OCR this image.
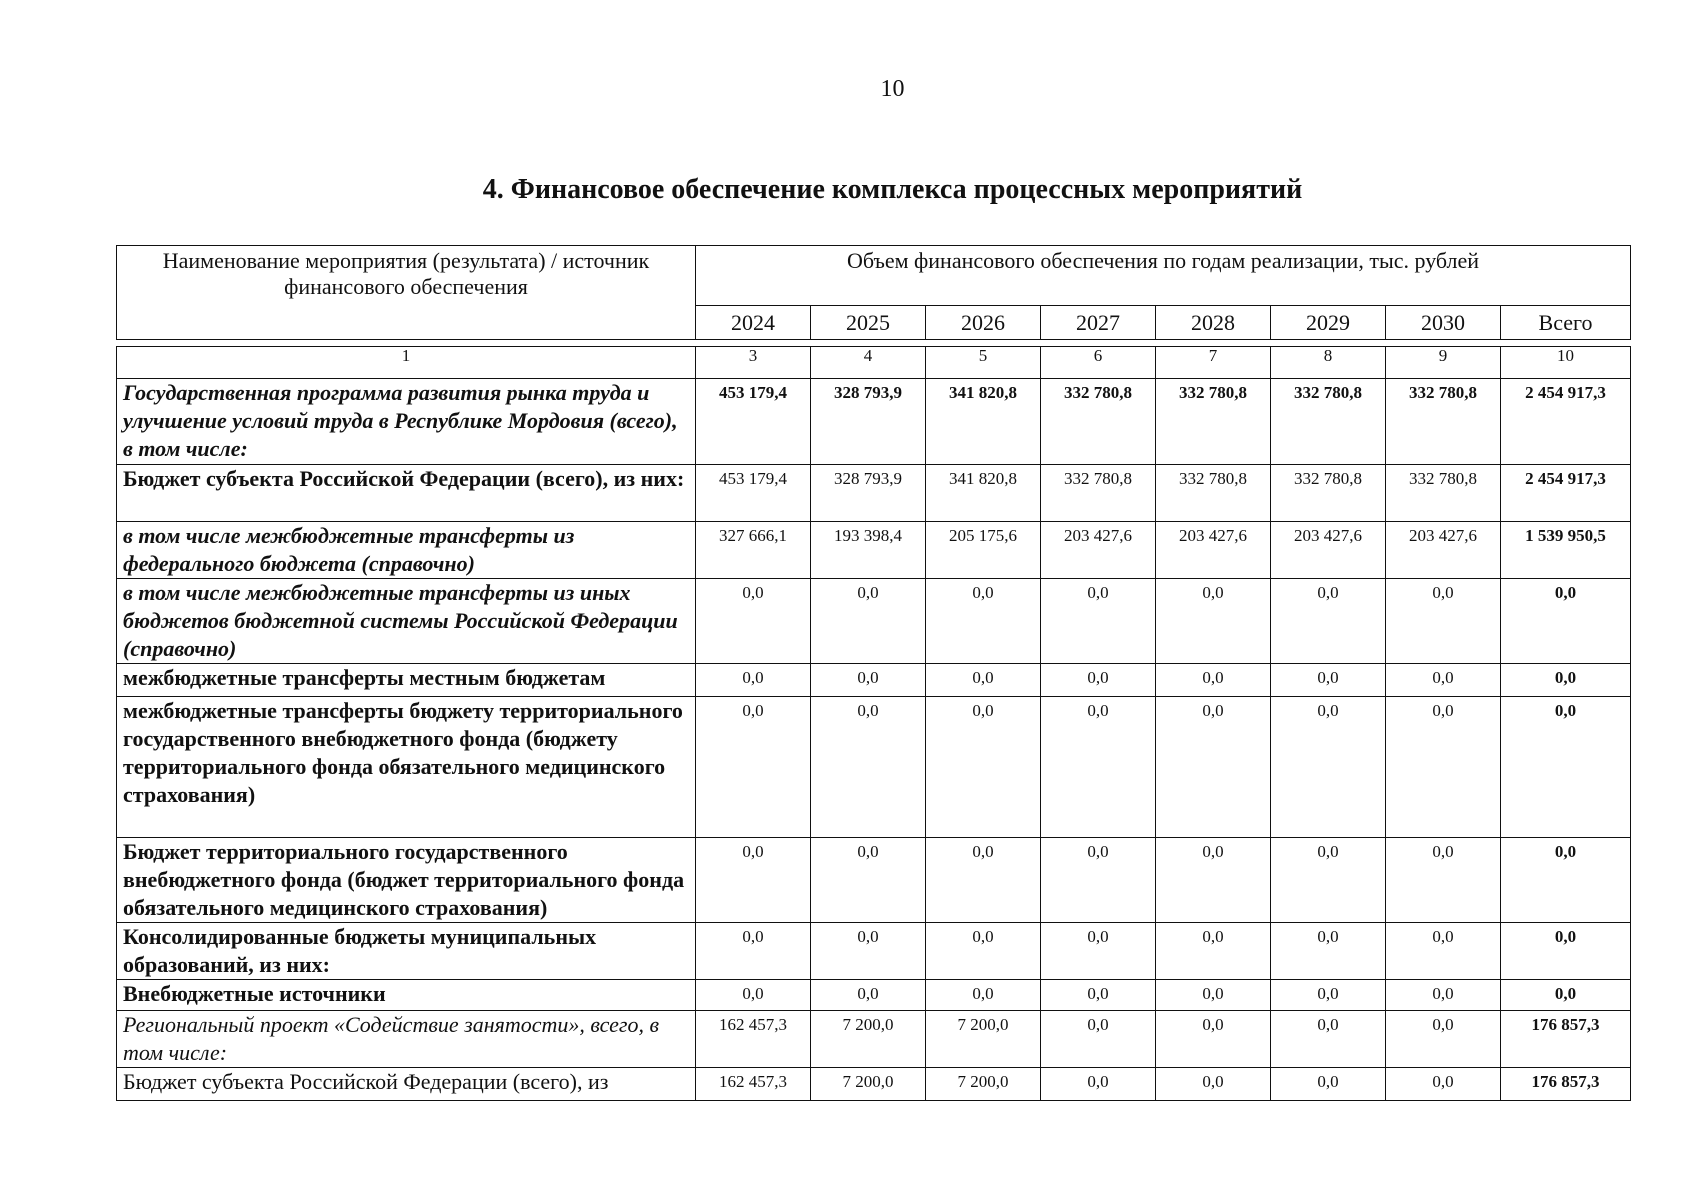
10
4. Финансовое обеспечение комплекса процессных мероприятий
Наименование мероприятия (результата) / источник финансового обеспечения	Объем финансового обеспечения по годам реализации, тыс. рублей							
	2024	2025	2026	2027	2028	2029	2030	Всего
1	3	4	5	6	7	8	9	10
Государственная программа развития рынка труда и улучшение условий труда в Республике Мордовия (всего), в том числе:	453 179,4	328 793,9	341 820,8	332 780,8	332 780,8	332 780,8	332 780,8	2 454 917,3
Бюджет субъекта Российской Федерации (всего), из них:	453 179,4	328 793,9	341 820,8	332 780,8	332 780,8	332 780,8	332 780,8	2 454 917,3
в том числе межбюджетные трансферты из федерального бюджета (справочно)	327 666,1	193 398,4	205 175,6	203 427,6	203 427,6	203 427,6	203 427,6	1 539 950,5
в том числе межбюджетные трансферты из иных бюджетов бюджетной системы Российской Федерации (справочно)	0,0	0,0	0,0	0,0	0,0	0,0	0,0	0,0
межбюджетные трансферты местным бюджетам	0,0	0,0	0,0	0,0	0,0	0,0	0,0	0,0
межбюджетные трансферты бюджету территориального государственного внебюджетного фонда (бюджету территориального фонда обязательного медицинского страхования)	0,0	0,0	0,0	0,0	0,0	0,0	0,0	0,0
Бюджет территориального государственного внебюджетного фонда (бюджет территориального фонда обязательного медицинского страхования)	0,0	0,0	0,0	0,0	0,0	0,0	0,0	0,0
Консолидированные бюджеты муниципальных образований, из них:	0,0	0,0	0,0	0,0	0,0	0,0	0,0	0,0
Внебюджетные источники	0,0	0,0	0,0	0,0	0,0	0,0	0,0	0,0
Региональный проект «Содействие занятости», всего, в том числе:	162 457,3	7 200,0	7 200,0	0,0	0,0	0,0	0,0	176 857,3
Бюджет субъекта Российской Федерации (всего), из	162 457,3	7 200,0	7 200,0	0,0	0,0	0,0	0,0	176 857,3
